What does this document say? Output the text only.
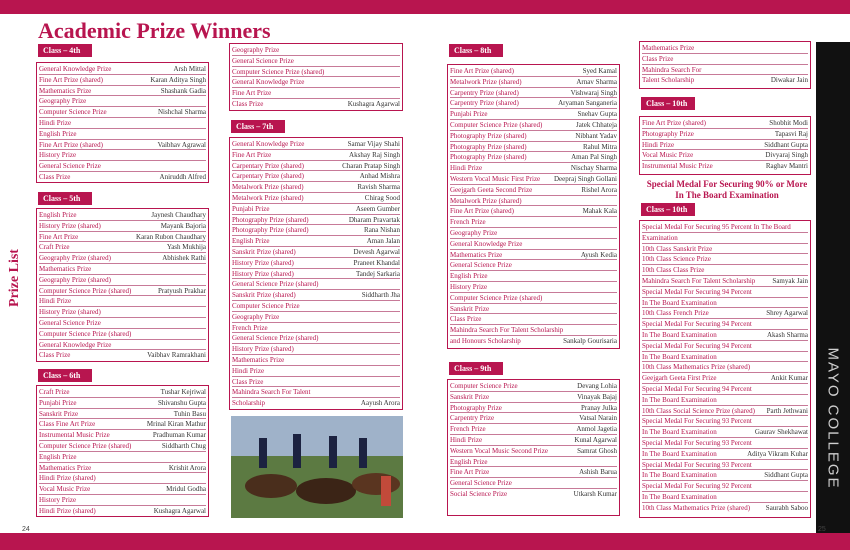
Academic Prize Winners
Prize List
MAYO COLLEGE
24	25
Class – 4th
General Knowledge Prize	Arsh Mittal
Fine Art Prize (shared)	Karan Aditya Singh
Mathematics Prize	Shashank Gadia
Geography Prize
Computer Science Prize	Nishchal Sharma
Hindi Prize
English Prize
Fine Art Prize (shared)	Vaibhav Agrawal
History Prize
General Science Prize
Class Prize	Aniruddh Alfred
Class – 5th
English Prize	Jaynesh Chaudhary
History Prize (shared)	Mayank Bajoria
Fine Art Prize	Karan Rubon Chaudhary
Craft Prize	Yash Mukhija
Geography Prize (shared)	Abhishek Rathi
Mathematics Prize
Geography Prize (shared)
Computer Science Prize (shared)	Pratyush Prakhar
Hindi Prize
History Prize (shared)
General Science Prize
Computer Science Prize (shared)
General Knowledge Prize
Class Prize	Vaibhav Ramrakhani
Class – 6th
Craft Prize	Tushar Kejriwal
Punjabi Prize	Shivanshu Gupta
Sanskrit Prize	Tuhin Basu
Class Fine Art Prize	Mrinal Kiran Mathur
Instrumental Music Prize	Pradhuman Kumar
Computer Science Prize (shared)	Siddharth Chug
English Prize
Mathematics Prize	Krishit Arora
Hindi Prize (shared)
Vocal Music Prize	Mridul Godha
History Prize
Hindi Prize (shared)	Kushagra Agarwal
Geography Prize
General Science Prize
Computer Science Prize (shared)
General Knowledge Prize
Fine Art Prize
Class Prize	Kushagra Agarwal
Class – 7th
General Knowledge Prize	Samar Vijay Shahi
Fine Art Prize	Akshay Raj Singh
Carpentary Prize (shared)	Charan Pratap Singh
Carpentary Prize (shared)	Anhad Mishra
Metalwork Prize (shared)	Ravish Sharma
Metalwork Prize (shared)	Chirag Sood
Punjabi Prize	Aseem Gumber
Photography Prize (shared)	Dharam Pravartak
Photography Prize (shared)	Rana Nishan
English Prize	Aman Jalan
Sanskrit Prize (shared)	Devesh Agarwal
History Prize (shared)	Praneet Khandal
History Prize (shared)	Tandej Sarkaria
General Science Prize (shared)
Sanskrit Prize (shared)	Siddharth Jha
Computer Science Prize
Geography Prize
French Prize
General Science Prize (shared)
History Prize (shared)
Mathematics Prize
Hindi Prize
Class Prize
Mahindra Search For Talent
Scholarship	Aayush Arora
Class – 8th
Fine Art Prize (shared)	Syed Kamal
Metalwork Prize (shared)	Arnav Sharma
Carpentry Prize (shared)	Vishwaraj Singh
Carpentry Prize (shared)	Aryaman Sanganeria
Punjabi Prize	Snehav Gupta
Computer Science Prize (shared)	Jatek Chhateja
Photography Prize (shared)	Nibhant Yadav
Photography Prize (shared)	Rahul Mitra
Photography Prize (shared)	Aman Pal Singh
Hindi Prize	Nischay Sharma
Western Vocal Music First Prize	Deepraj Singh Gollani
Geejgarh Geeta Second Prize	Rishel Arora
Metalwork Prize (shared)
Fine Art Prize (shared)	Mahak Kala
French Prize
Geography Prize
General Knowledge Prize
Mathematics Prize	Ayush Kedia
General Science Prize
English Prize
History Prize
Computer Science Prize (shared)
Sanskrit Prize
Class Prize
Mahindra Search For Talent Scholarship
and Honours Scholarship	Sankalp Gourisaria
Class – 9th
Computer Science Prize	Devang Lohia
Sanskrit Prize	Vinayak Bajaj
Photography Prize	Pranay Julka
Carpentry Prize	Vatsal Narain
French Prize	Anmol Jagetia
Hindi Prize	Kunal Agarwal
Western Vocal Music Second Prize	Samrat Ghosh
English Prize
Fine Art Prize	Ashish Barua
General Science Prize
Social Science Prize	Utkarsh Kumar
Mathematics Prize
Class Prize
Mahindra Search For
Talent Scholarship	Diwakar Jain
Class – 10th
Fine Art Prize (shared)	Shobhit Modi
Photography Prize	Tapasvi Raj
Hindi Prize	Siddhant Gupta
Vocal Music Prize	Divyaraj Singh
Instrumental Music Prize	Raghav Mantri
Special Medal For Securing 90% or More In The Board Examination
Class – 10th
Special Medal For Securing 95 Percent In The Board
Examination
10th Class Sanskrit Prize
10th Class Science Prize
10th Class Class Prize
Mahindra Search For Talent Scholarship	Samyak Jain
Special Medal For Securing 94 Percent
In The Board Examination
10th Class French Prize	Shrey Agarwal
Special Medal For Securing 94 Percent
In The Board Examination	Akash Sharma
Special Medal For Securing 94 Percent
In The Board Examination
10th Class Mathematics Prize (shared)
Geejgarh Geeta First Prize	Ankit Kumar
Special Medal For Securing 94 Percent
In The Board Examination
10th Class Social Science Prize (shared)	Parth Jethwani
Special Medal For Securing 93 Percent
In The Board Examination	Gaurav Shekhawat
Special Medal For Securing 93 Percent
In The Board Examination	Aditya Vikram Kuhar
Special Medal For Securing 93 Percent
In The Board Examination	Siddhant Gupta
Special Medal For Securing 92 Percent
In The Board Examination
10th Class Mathematics Prize (shared)	Saurabh Saboo
